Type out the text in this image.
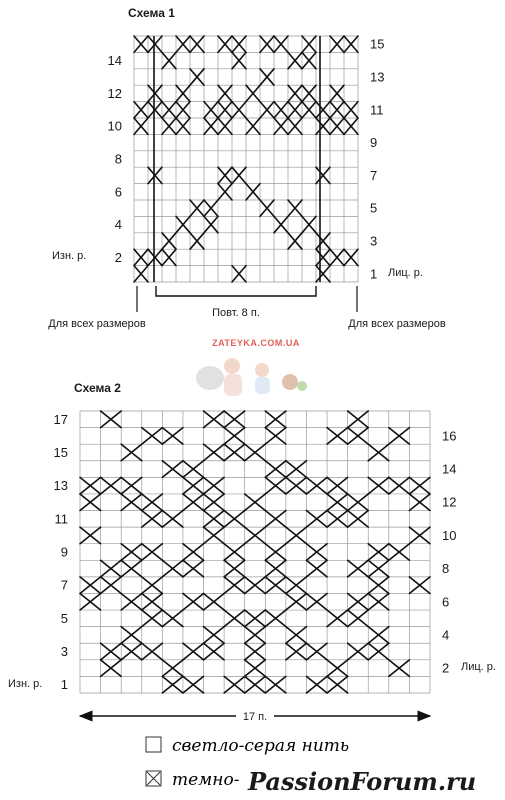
Схема 1
14
12
10
8
6
4
2
15
13
11
9
7
5
3
1
Изн. р.
Лиц. р.
Повт. 8 п.
Для всех размеров	Для всех размеров
ZATEYKA.COM.UA
Схема 2
17
15
13
11
9
7
5
3
1
16
14
12
10
8
6
4
2
Изн. р.
Лиц. р.
17 п.
светло-серая нить
темно- PassionForum.ru
